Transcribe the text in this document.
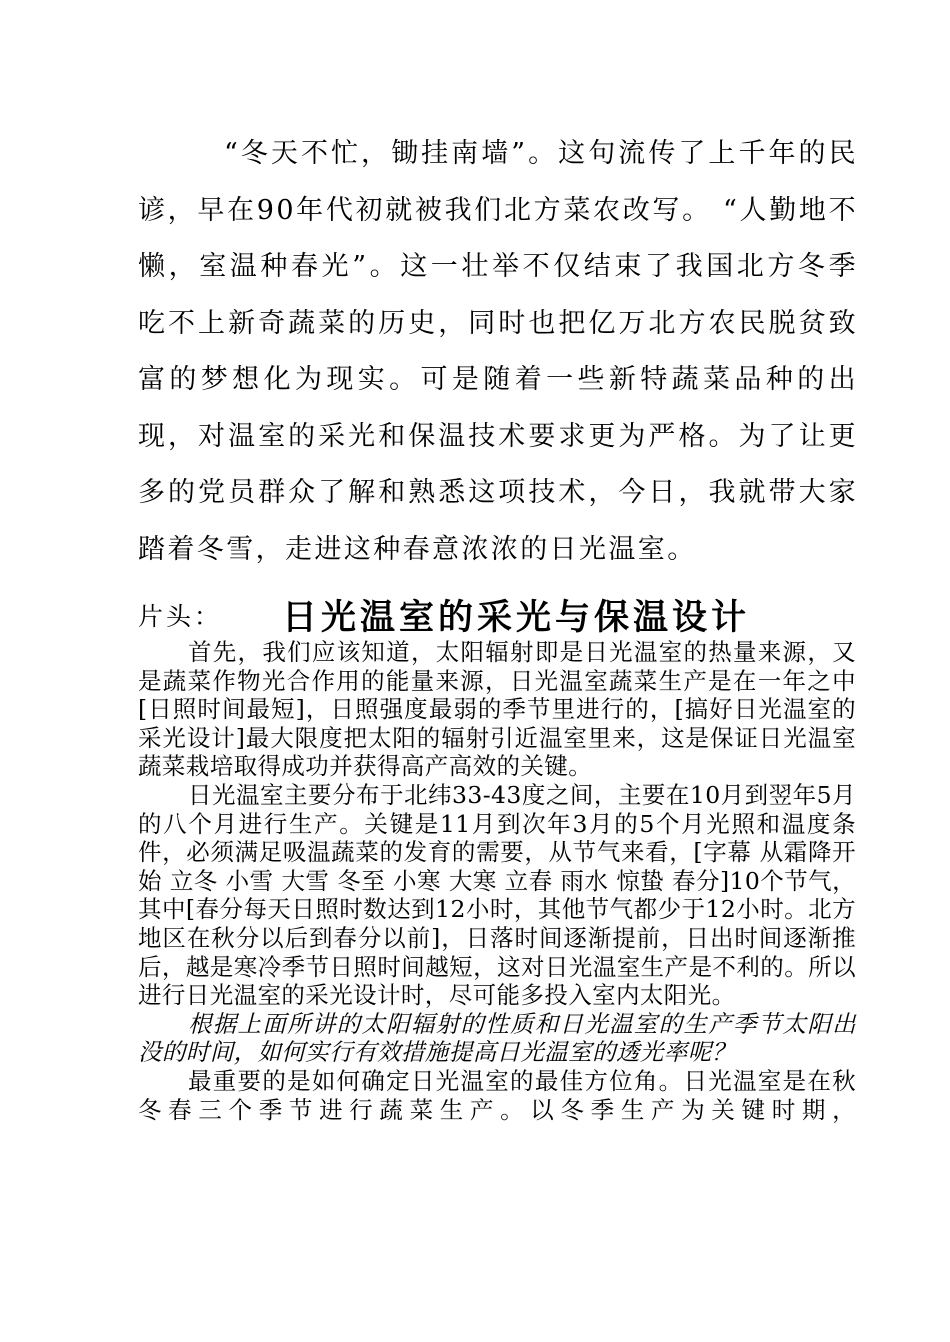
“冬天不忙，锄挂南墙”。这句流传了上千年的民谚，早在90年代初就被我们北方菜农改写。 “人勤地不懒，室温种春光”。这一壮举不仅结束了我国北方冬季吃不上新奇蔬菜的历史，同时也把亿万北方农民脱贫致富的梦想化为现实。可是随着一些新特蔬菜品种的出现，对温室的采光和保温技术要求更为严格。为了让更多的党员群众了解和熟悉这项技术，今日，我就带大家踏着冬雪，走进这种春意浓浓的日光温室。

片头： 日光温室的采光与保温设计

首先，我们应该知道，太阳辐射即是日光温室的热量来源，又是蔬菜作物光合作用的能量来源，日光温室蔬菜生产是在一年之中[日照时间最短]，日照强度最弱的季节里进行的，[搞好日光温室的采光设计]最大限度把太阳的辐射引近温室里来，这是保证日光温室蔬菜栽培取得成功并获得高产高效的关键。

日光温室主要分布于北纬33-43度之间，主要在10月到翌年5月的八个月进行生产。关键是11月到次年3月的5个月光照和温度条件，必须满足吸温蔬菜的发育的需要，从节气来看，[字幕 从霜降开始 立冬 小雪 大雪 冬至 小寒 大寒 立春 雨水 惊蛰 春分]10个节气， 其中[春分每天日照时数达到12小时，其他节气都少于12小时。北方地区在秋分以后到春分以前]，日落时间逐渐提前，日出时间逐渐推后，越是寒冷季节日照时间越短，这对日光温室生产是不利的。所以进行日光温室的采光设计时，尽可能多投入室内太阳光。

根据上面所讲的太阳辐射的性质和日光温室的生产季节太阳出没的时间，如何实行有效措施提高日光温室的透光率呢？

最重要的是如何确定日光温室的最佳方位角。日光温室是在秋冬春三个季节进行蔬菜生产。以冬季生产为关键时期，
